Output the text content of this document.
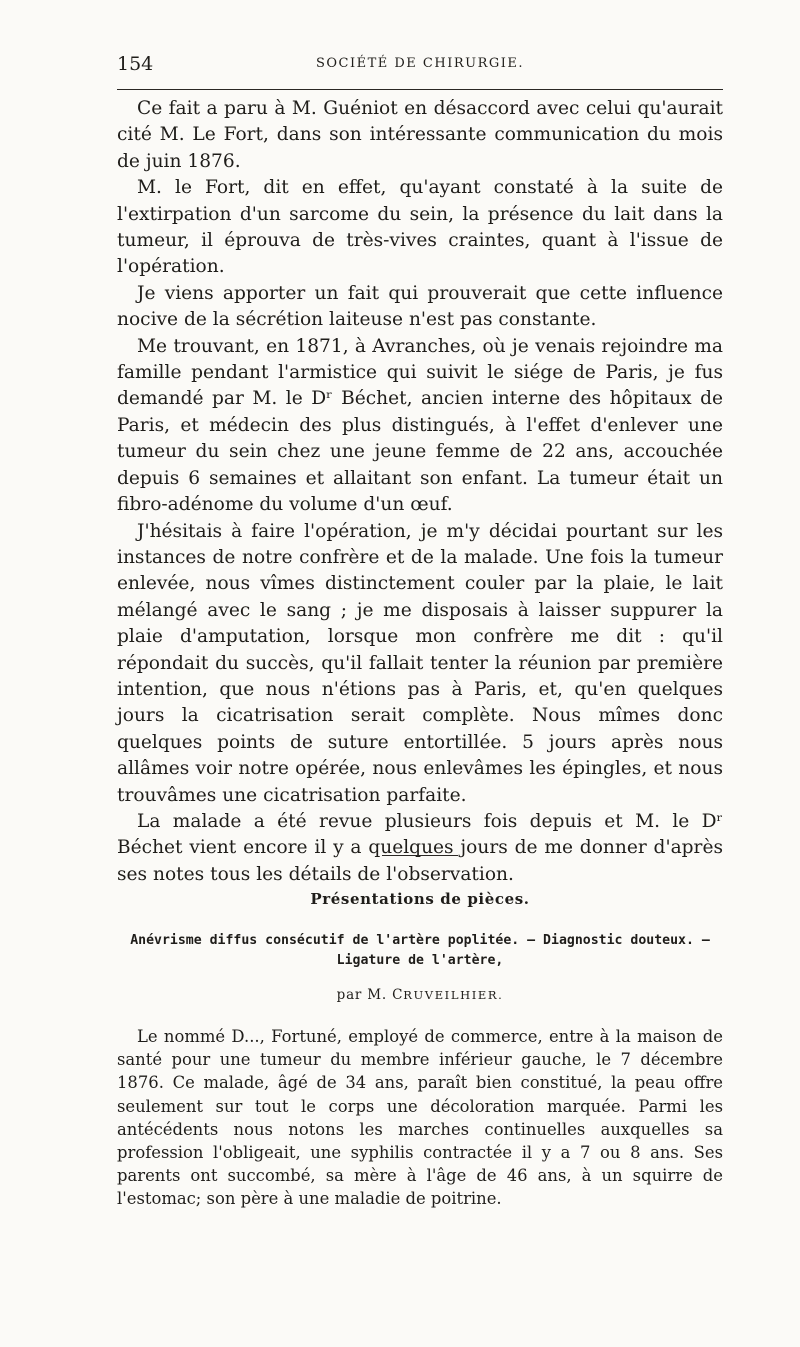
154	SOCIÉTÉ DE CHIRURGIE.

Ce fait a paru à M. Guéniot en désaccord avec celui qu'aurait cité M. Le Fort, dans son intéressante communication du mois de juin 1876.

M. le Fort, dit en effet, qu'ayant constaté à la suite de l'extirpation d'un sarcome du sein, la présence du lait dans la tumeur, il éprouva de très-vives craintes, quant à l'issue de l'opération.

Je viens apporter un fait qui prouverait que cette influence nocive de la sécrétion laiteuse n'est pas constante.

Me trouvant, en 1871, à Avranches, où je venais rejoindre ma famille pendant l'armistice qui suivit le siége de Paris, je fus demandé par M. le Dʳ Béchet, ancien interne des hôpitaux de Paris, et médecin des plus distingués, à l'effet d'enlever une tumeur du sein chez une jeune femme de 22 ans, accouchée depuis 6 semaines et allaitant son enfant. La tumeur était un fibro-adénome du volume d'un œuf.

J'hésitais à faire l'opération, je m'y décidai pourtant sur les instances de notre confrère et de la malade. Une fois la tumeur enlevée, nous vîmes distinctement couler par la plaie, le lait mélangé avec le sang ; je me disposais à laisser suppurer la plaie d'amputation, lorsque mon confrère me dit : qu'il répondait du succès, qu'il fallait tenter la réunion par première intention, que nous n'étions pas à Paris, et, qu'en quelques jours la cicatrisation serait complète. Nous mîmes donc quelques points de suture entortillée. 5 jours après nous allâmes voir notre opérée, nous enlevâmes les épingles, et nous trouvâmes une cicatrisation parfaite.

La malade a été revue plusieurs fois depuis et M. le Dʳ Béchet vient encore il y a quelques jours de me donner d'après ses notes tous les détails de l'observation.

Présentations de pièces.
Anévrisme diffus consécutif de l'artère poplitée. — Diagnostic douteux. —
Ligature de l'artère,
par M. CRUVEILHIER.

Le nommé D..., Fortuné, employé de commerce, entre à la maison de santé pour une tumeur du membre inférieur gauche, le 7 décembre 1876. Ce malade, âgé de 34 ans, paraît bien constitué, la peau offre seulement sur tout le corps une décoloration marquée. Parmi les antécédents nous notons les marches continuelles auxquelles sa profession l'obligeait, une syphilis contractée il y a 7 ou 8 ans. Ses parents ont succombé, sa mère à l'âge de 46 ans, à un squirre de l'estomac; son père à une maladie de poitrine.
